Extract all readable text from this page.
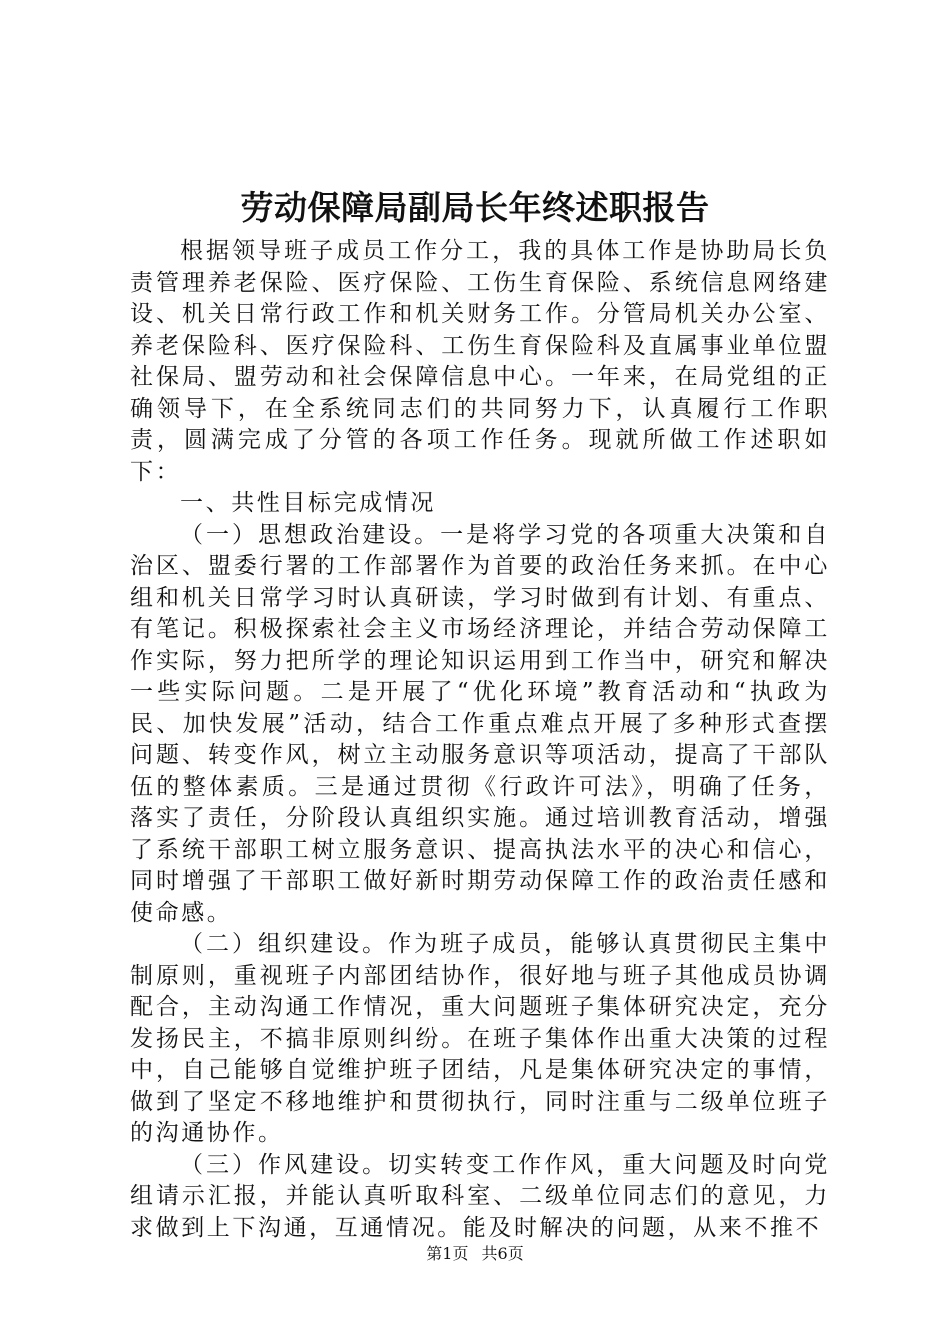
劳动保障局副局长年终述职报告

根据领导班子成员工作分工，我的具体工作是协助局长负责管理养老保险、医疗保险、工伤生育保险、系统信息网络建设、机关日常行政工作和机关财务工作。分管局机关办公室、养老保险科、医疗保险科、工伤生育保险科及直属事业单位盟社保局、盟劳动和社会保障信息中心。一年来，在局党组的正确领导下，在全系统同志们的共同努力下，认真履行工作职责，圆满完成了分管的各项工作任务。现就所做工作述职如下：

一、共性目标完成情况

（一）思想政治建设。一是将学习党的各项重大决策和自治区、盟委行署的工作部署作为首要的政治任务来抓。在中心组和机关日常学习时认真研读，学习时做到有计划、有重点、有笔记。积极探索社会主义市场经济理论，并结合劳动保障工作实际，努力把所学的理论知识运用到工作当中，研究和解决一些实际问题。二是开展了“优化环境”教育活动和“执政为民、加快发展”活动，结合工作重点难点开展了多种形式查摆问题、转变作风，树立主动服务意识等项活动，提高了干部队伍的整体素质。三是通过贯彻《行政许可法》，明确了任务，落实了责任，分阶段认真组织实施。通过培训教育活动，增强了系统干部职工树立服务意识、提高执法水平的决心和信心，同时增强了干部职工做好新时期劳动保障工作的政治责任感和使命感。

（二）组织建设。作为班子成员，能够认真贯彻民主集中制原则，重视班子内部团结协作，很好地与班子其他成员协调配合，主动沟通工作情况，重大问题班子集体研究决定，充分发扬民主，不搞非原则纠纷。在班子集体作出重大决策的过程中，自己能够自觉维护班子团结，凡是集体研究决定的事情，做到了坚定不移地维护和贯彻执行，同时注重与二级单位班子的沟通协作。

（三）作风建设。切实转变工作作风，重大问题及时向党组请示汇报，并能认真听取科室、二级单位同志们的意见，力求做到上下沟通，互通情况。能及时解决的问题，从来不推不

第1页 共6页
